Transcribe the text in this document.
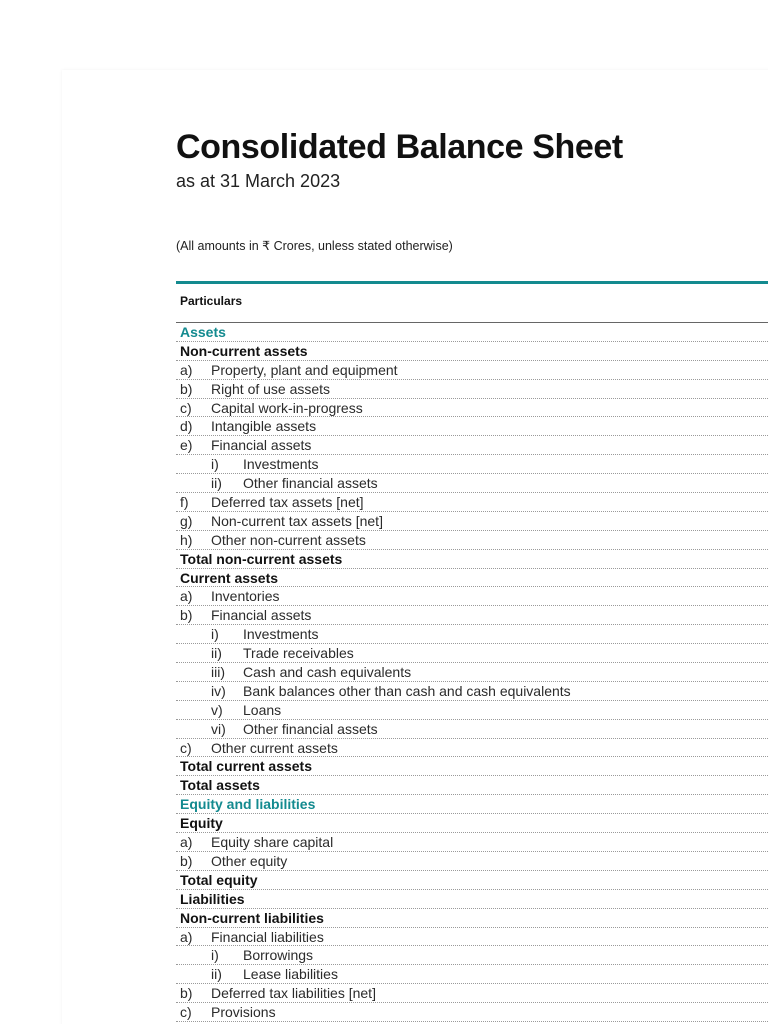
Consolidated Balance Sheet
as at 31 March 2023
(All amounts in ₹ Crores, unless stated otherwise)
Particulars
Assets
Non-current assets
a) Property, plant and equipment
b) Right of use assets
c) Capital work-in-progress
d) Intangible assets
e) Financial assets
i) Investments
ii) Other financial assets
f) Deferred tax assets [net]
g) Non-current tax assets [net]
h) Other non-current assets
Total non-current assets
Current assets
a) Inventories
b) Financial assets
i) Investments
ii) Trade receivables
iii) Cash and cash equivalents
iv) Bank balances other than cash and cash equivalents
v) Loans
vi) Other financial assets
c) Other current assets
Total current assets
Total assets
Equity and liabilities
Equity
a) Equity share capital
b) Other equity
Total equity
Liabilities
Non-current liabilities
a) Financial liabilities
i) Borrowings
ii) Lease liabilities
b) Deferred tax liabilities [net]
c) Provisions
